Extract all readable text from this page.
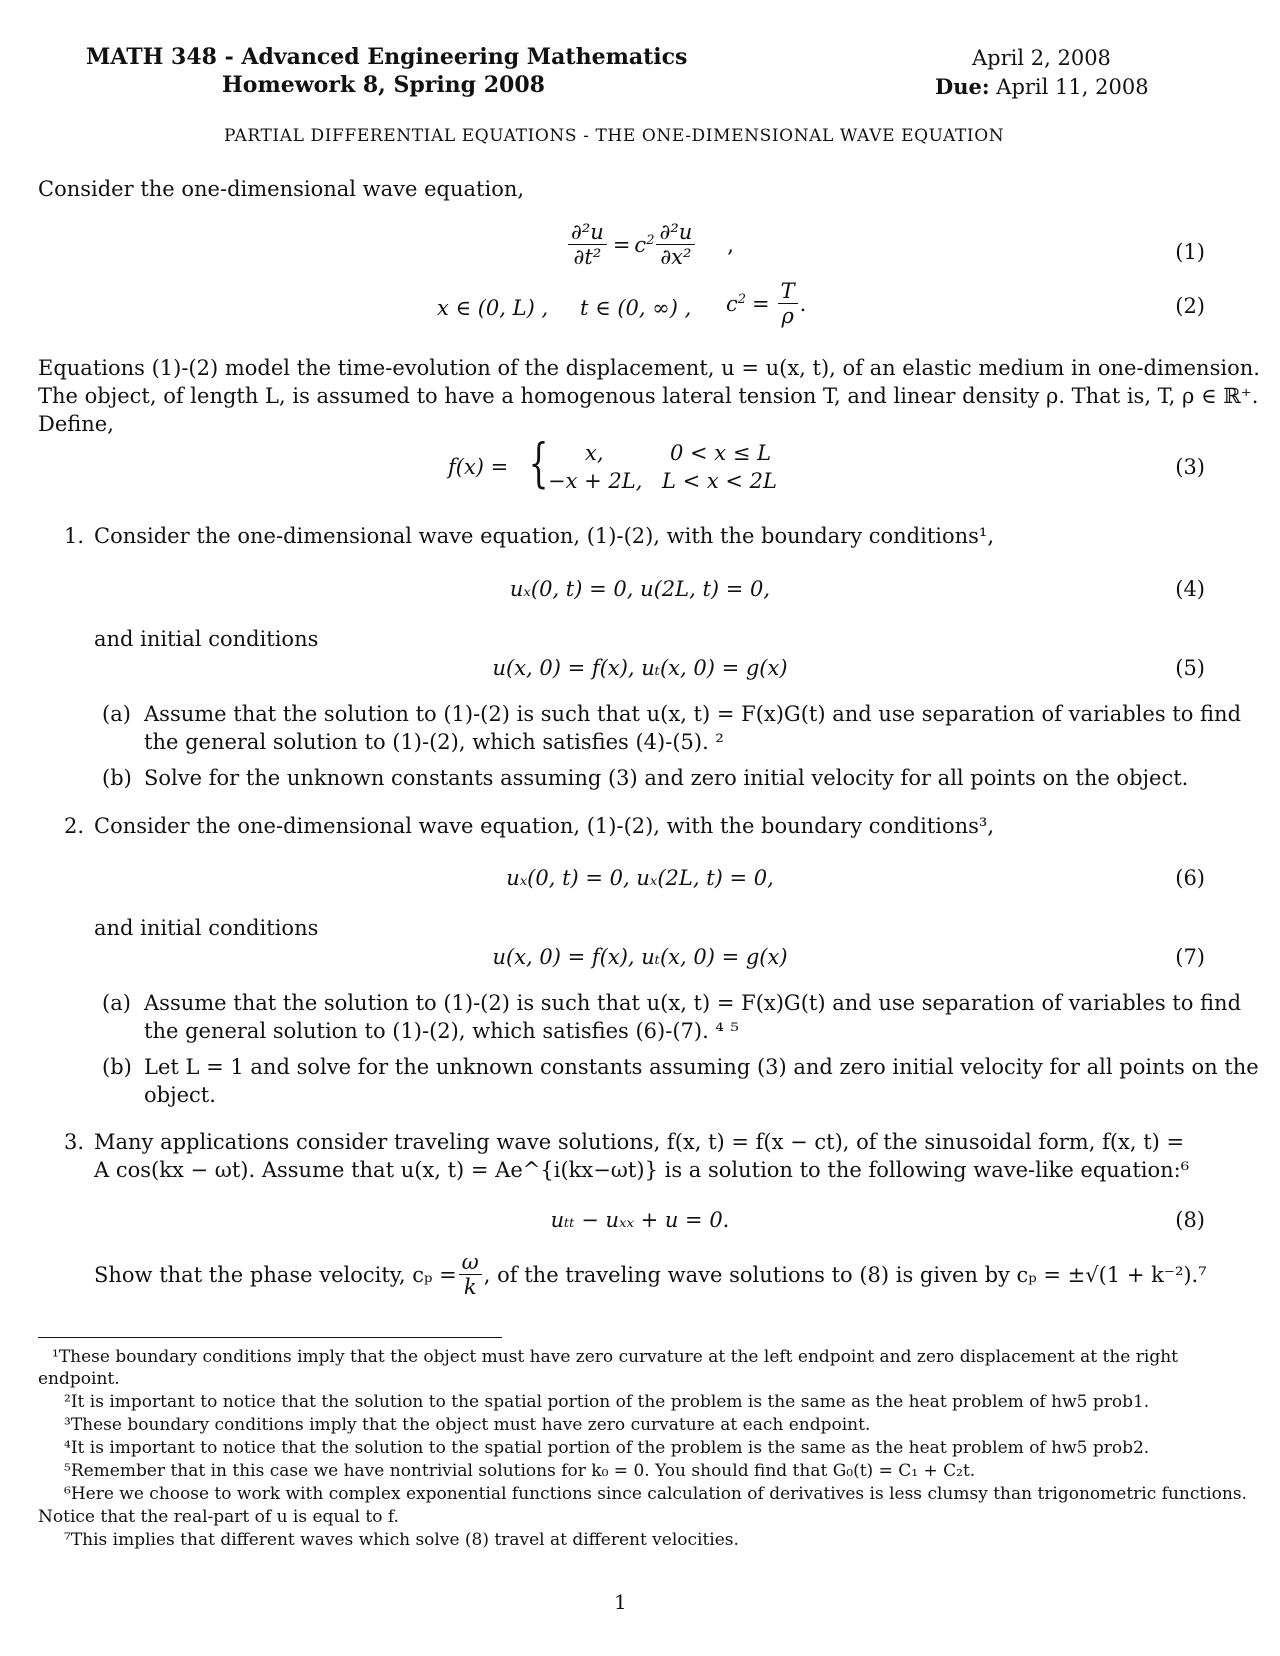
MATH 348 - Advanced Engineering Mathematics
Homework 8, Spring 2008
April 2, 2008
Due: April 11, 2008
PARTIAL DIFFERENTIAL EQUATIONS - THE ONE-DIMENSIONAL WAVE EQUATION
Consider the one-dimensional wave equation,
$\frac{\text{∂²u}}{\text{∂t²}} = c^2 \frac{\text{∂²u}}{\text{∂x²}}$ ,	(1)
x ∈ (0, L) , t ∈ (0, ∞) , $c^2 = \frac{T}{\rho}$ .	(2)
Equations (1)-(2) model the time-evolution of the displacement, u = u(x, t), of an elastic medium in one-dimension.
The object, of length L, is assumed to have a homogenous lateral tension T, and linear density ρ. That is, T, ρ ∈ ℝ⁺.
Define,
f(x) = { x,	0 < x ≤ L
−x + 2L, L < x < 2L
(3)
1. Consider the one-dimensional wave equation, (1)-(2), with the boundary conditions¹,
uₓ(0, t) = 0, u(2L, t) = 0,	(4)
and initial conditions
u(x, 0) = f(x), uₜ(x, 0) = g(x)	(5)
(a) Assume that the solution to (1)-(2) is such that u(x, t) = F(x)G(t) and use separation of variables to find
the general solution to (1)-(2), which satisfies (4)-(5). ²
(b) Solve for the unknown constants assuming (3) and zero initial velocity for all points on the object.
2. Consider the one-dimensional wave equation, (1)-(2), with the boundary conditions³,
uₓ(0, t) = 0, uₓ(2L, t) = 0,	(6)
and initial conditions
u(x, 0) = f(x), uₜ(x, 0) = g(x)	(7)
(a) Assume that the solution to (1)-(2) is such that u(x, t) = F(x)G(t) and use separation of variables to find
the general solution to (1)-(2), which satisfies (6)-(7). ⁴ ⁵
(b) Let L = 1 and solve for the unknown constants assuming (3) and zero initial velocity for all points on the
object.
3. Many applications consider traveling wave solutions, f(x, t) = f(x − ct), of the sinusoidal form, f(x, t) =
A cos(kx − ωt). Assume that u(x, t) = Ae^{i(kx−ωt)} is a solution to the following wave-like equation:⁶
uₜₜ − uₓₓ + u = 0.	(8)
Show that the phase velocity, $c_p = \frac{\omega}{k}$ , of the traveling wave solutions to (8) is given by cₚ = ±√(1 + k⁻²).⁷
¹These boundary conditions imply that the object must have zero curvature at the left endpoint and zero displacement at the right
endpoint.
²It is important to notice that the solution to the spatial portion of the problem is the same as the heat problem of hw5 prob1.
³These boundary conditions imply that the object must have zero curvature at each endpoint.
⁴It is important to notice that the solution to the spatial portion of the problem is the same as the heat problem of hw5 prob2.
⁵Remember that in this case we have nontrivial solutions for k₀ = 0. You should find that G₀(t) = C₁ + C₂t.
⁶Here we choose to work with complex exponential functions since calculation of derivatives is less clumsy than trigonometric functions.
Notice that the real-part of u is equal to f.
⁷This implies that different waves which solve (8) travel at different velocities.
1
